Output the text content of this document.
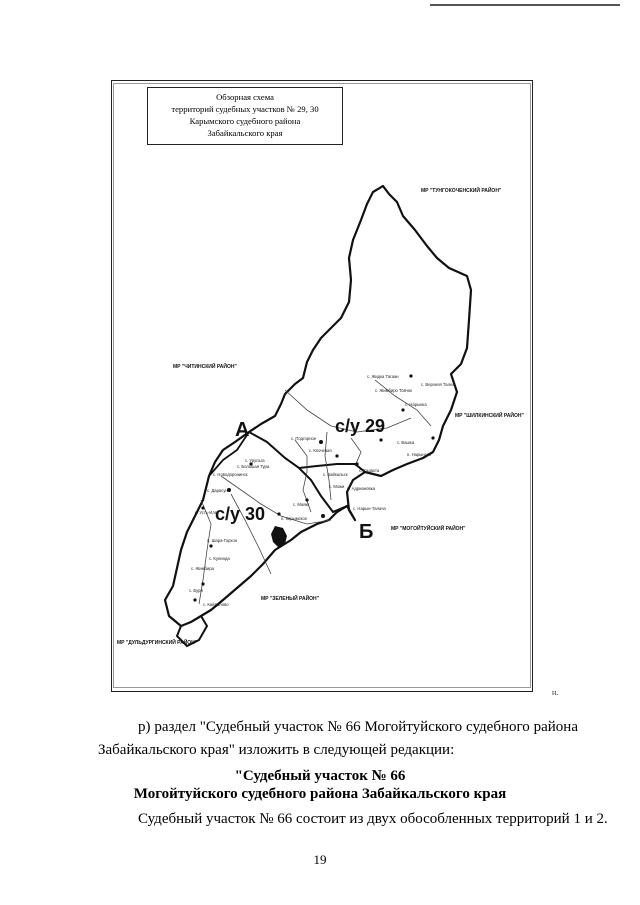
Обзорная схема
территорий судебных участков № 29, 30
Карымского судебного района
Забайкальского края
МР "ТУНГОКОЧЕНСКИЙ РАЙОН"
МР "ЧИТИНСКИЙ РАЙОН"
МР "ШИЛКИНСКИЙ РАЙОН"
МР "МОГОЙТУЙСКИЙ РАЙОН"
МР "ЗЕЛЕНЫЙ РАЙОН"
МР "ДУЛЬДУРГИНСКИЙ РАЙОН"
с. Жидка Тагаан
с. Верхняя Талеа
с. Жимбиро Товчок
с. Нарынка
с. Подгорное
с. Кпочевая
с. Вашка
п. Нарынско
с. Кадахта
с. Урульга
с. Новодоронинск	с. Байкальск
с. Можи
с. Дарасун
с. Усть-Иля
п. Шара-Горхон
с. Кулинда
п. Карымское
с. Маякк
п. Адриановка
с. Жимбира
с. Нарын-Талача
с. Большая Тура
с. Бури
с. Кайдалово
А
Б
с/у 29
с/у 30
н.
р) раздел "Судебный участок № 66 Могойтуйского судебного района
Забайкальского края" изложить в следующей редакции:
"Судебный участок № 66
Могойтуйского судебного района Забайкальского края
Судебный участок № 66 состоит из двух обособленных территорий 1 и 2.
19
